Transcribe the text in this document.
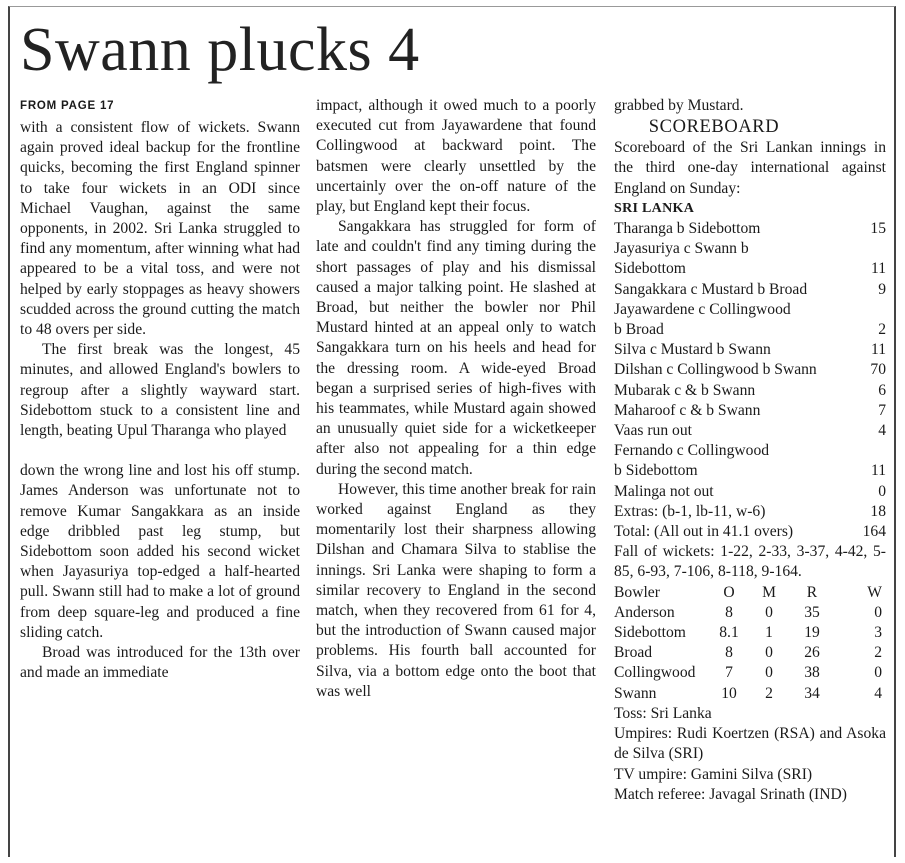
Swann plucks 4
FROM PAGE 17

with a consistent flow of wickets. Swann again proved ideal backup for the frontline quicks, becoming the first England spinner to take four wickets in an ODI since Michael Vaughan, against the same opponents, in 2002. Sri Lanka struggled to find any momentum, after winning what had appeared to be a vital toss, and were not helped by early stoppages as heavy showers scudded across the ground cutting the match to 48 overs per side.

The first break was the longest, 45 minutes, and allowed England's bowlers to regroup after a slightly wayward start. Sidebottom stuck to a consistent line and length, beating Upul Tharanga who played

down the wrong line and lost his off stump. James Anderson was unfortunate not to remove Kumar Sangakkara as an inside edge dribbled past leg stump, but Sidebottom soon added his second wicket when Jayasuriya top-edged a half-hearted pull. Swann still had to make a lot of ground from deep square-leg and produced a fine sliding catch.

Broad was introduced for the 13th over and made an immediate

impact, although it owed much to a poorly executed cut from Jayawardene that found Collingwood at backward point. The batsmen were clearly unsettled by the uncertainly over the on-off nature of the play, but England kept their focus.

Sangakkara has struggled for form of late and couldn't find any timing during the short passages of play and his dismissal caused a major talking point. He slashed at Broad, but neither the bowler nor Phil Mustard hinted at an appeal only to watch Sangakkara turn on his heels and head for the dressing room. A wide-eyed Broad began a surprised series of high-fives with his teammates, while Mustard again showed an unusually quiet side for a wicketkeeper after also not appealing for a thin edge during the second match.

However, this time another break for rain worked against England as they momentarily lost their sharpness allowing Dilshan and Chamara Silva to stablise the innings. Sri Lanka were shaping to form a similar recovery to England in the second match, when they recovered from 61 for 4, but the introduction of Swann caused major problems. His fourth ball accounted for Silva, via a bottom edge onto the boot that was well

grabbed by Mustard.

SCOREBOARD

Scoreboard of the Sri Lankan innings in the third one-day international against England on Sunday:

SRI LANKA
Tharanga b Sidebottom	15
Jayasuriya c Swann b
Sidebottom	11
Sangakkara c Mustard b Broad	9
Jayawardene c Collingwood
b Broad	2
Silva c Mustard b Swann	11
Dilshan c Collingwood b Swann	70
Mubarak c & b Swann	6
Maharoof c & b Swann	7
Vaas run out	4
Fernando c Collingwood
b Sidebottom	11
Malinga not out	0
Extras: (b-1, lb-11, w-6)	18
Total: (All out in 41.1 overs)	164

Fall of wickets: 1-22, 2-33, 3-37, 4-42, 5-85, 6-93, 7-106, 8-118, 9-164.

Bowler	O	M	R	W
Anderson	8	0	35	0
Sidebottom	8.1	1	19	3
Broad	8	0	26	2
Collingwood	7	0	38	0
Swann	10	2	34	4

Toss: Sri Lanka

Umpires: Rudi Koertzen (RSA) and Asoka de Silva (SRI)

TV umpire: Gamini Silva (SRI)

Match referee: Javagal Srinath (IND)
